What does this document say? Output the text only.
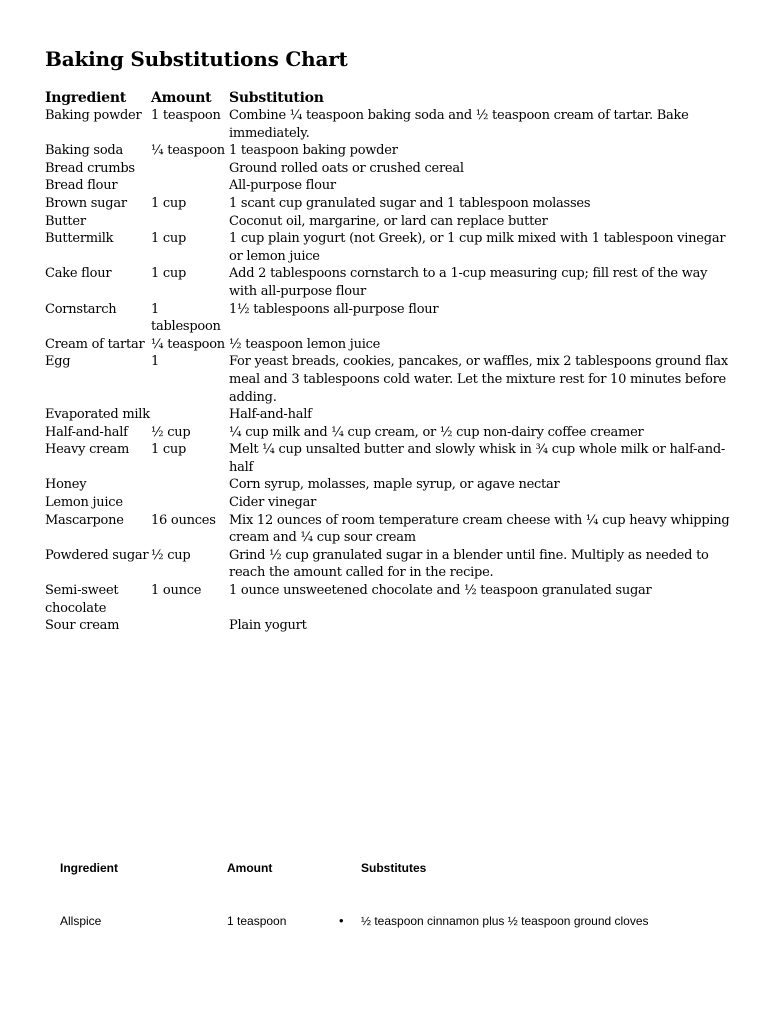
Baking Substitutions Chart
Ingredient	Amount	Substitution
Baking powder	1 teaspoon	Combine ¼ teaspoon baking soda and ½ teaspoon cream of tartar. Bake immediately.
Baking soda	¼ teaspoon	1 teaspoon baking powder
Bread crumbs		Ground rolled oats or crushed cereal
Bread flour		All-purpose flour
Brown sugar	1 cup	1 scant cup granulated sugar and 1 tablespoon molasses
Butter		Coconut oil, margarine, or lard can replace butter
Buttermilk	1 cup	1 cup plain yogurt (not Greek), or 1 cup milk mixed with 1 tablespoon vinegar or lemon juice
Cake flour	1 cup	Add 2 tablespoons cornstarch to a 1-cup measuring cup; fill rest of the way with all-purpose flour
Cornstarch	1 tablespoon	1½ tablespoons all-purpose flour
Cream of tartar	¼ teaspoon	½ teaspoon lemon juice
Egg	1	For yeast breads, cookies, pancakes, or waffles, mix 2 tablespoons ground flax meal and 3 tablespoons cold water. Let the mixture rest for 10 minutes before adding.
Evaporated milk		Half-and-half
Half-and-half	½ cup	¼ cup milk and ¼ cup cream, or ½ cup non-dairy coffee creamer
Heavy cream	1 cup	Melt ¼ cup unsalted butter and slowly whisk in ¾ cup whole milk or half-and-half
Honey		Corn syrup, molasses, maple syrup, or agave nectar
Lemon juice		Cider vinegar
Mascarpone	16 ounces	Mix 12 ounces of room temperature cream cheese with ¼ cup heavy whipping cream and ¼ cup sour cream
Powdered sugar	½ cup	Grind ½ cup granulated sugar in a blender until fine. Multiply as needed to reach the amount called for in the recipe.
Semi-sweet chocolate	1 ounce	1 ounce unsweetened chocolate and ½ teaspoon granulated sugar
Sour cream		Plain yogurt
Ingredient	Amount	Substitutes
Allspice	1 teaspoon	• ½ teaspoon cinnamon plus ½ teaspoon ground cloves
